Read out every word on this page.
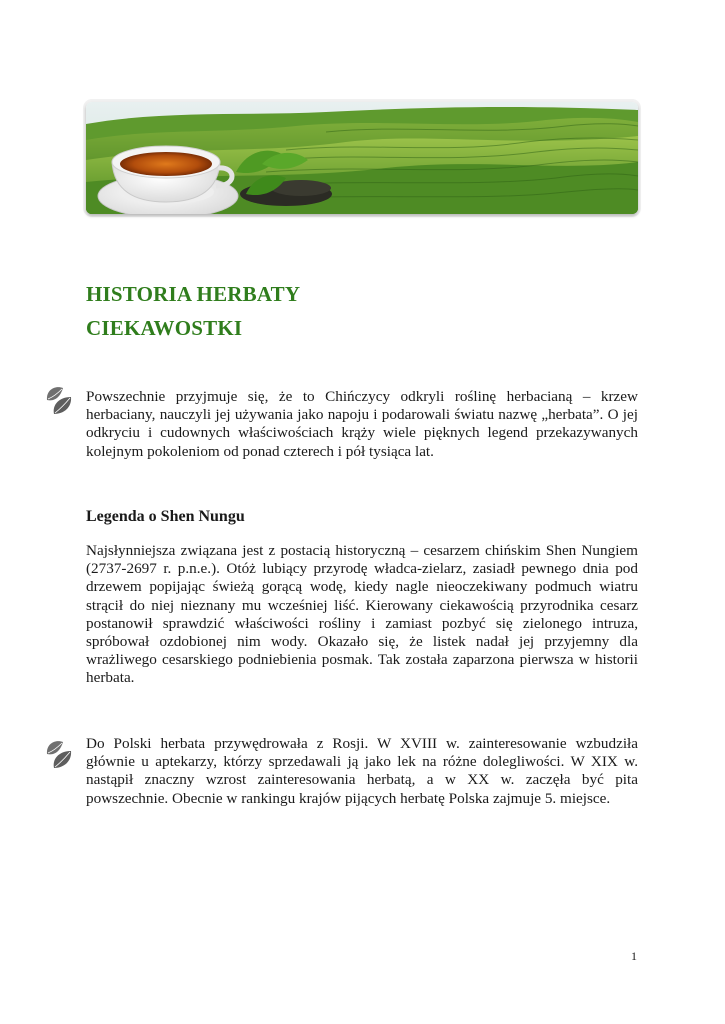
HISTORIA HERBATY
CIEKAWOSTKI

Powszechnie przyjmuje się, że to Chińczycy odkryli roślinę herbacianą – krzew herbaciany, nauczyli jej używania jako napoju i podarowali światu nazwę „herbata”. O jej odkryciu i cudownych właściwościach krąży wiele pięknych legend przekazywanych kolejnym pokoleniom od ponad czterech i pół tysiąca lat.

Legenda o Shen Nungu

Najsłynniejsza związana jest z postacią historyczną – cesarzem chińskim Shen Nungiem (2737-2697 r. p.n.e.). Otóż lubiący przyrodę władca-zielarz, zasiadł pewnego dnia pod drzewem popijając świeżą gorącą wodę, kiedy nagle nieoczekiwany podmuch wiatru strącił do niej nieznany mu wcześniej liść. Kierowany ciekawością przyrodnika cesarz postanowił sprawdzić właściwości rośliny i zamiast pozbyć się zielonego intruza, spróbował ozdobionej nim wody. Okazało się, że listek nadał jej przyjemny dla wrażliwego cesarskiego podniebienia posmak. Tak została zaparzona pierwsza w historii herbata.

Do Polski herbata przywędrowała z Rosji. W XVIII w. zainteresowanie wzbudziła głównie u aptekarzy, którzy sprzedawali ją jako lek na różne dolegliwości. W XIX w. nastąpił znaczny wzrost zainteresowania herbatą, a w XX w. zaczęła być pita powszechnie. Obecnie w rankingu krajów pijących herbatę Polska zajmuje 5. miejsce.

1
